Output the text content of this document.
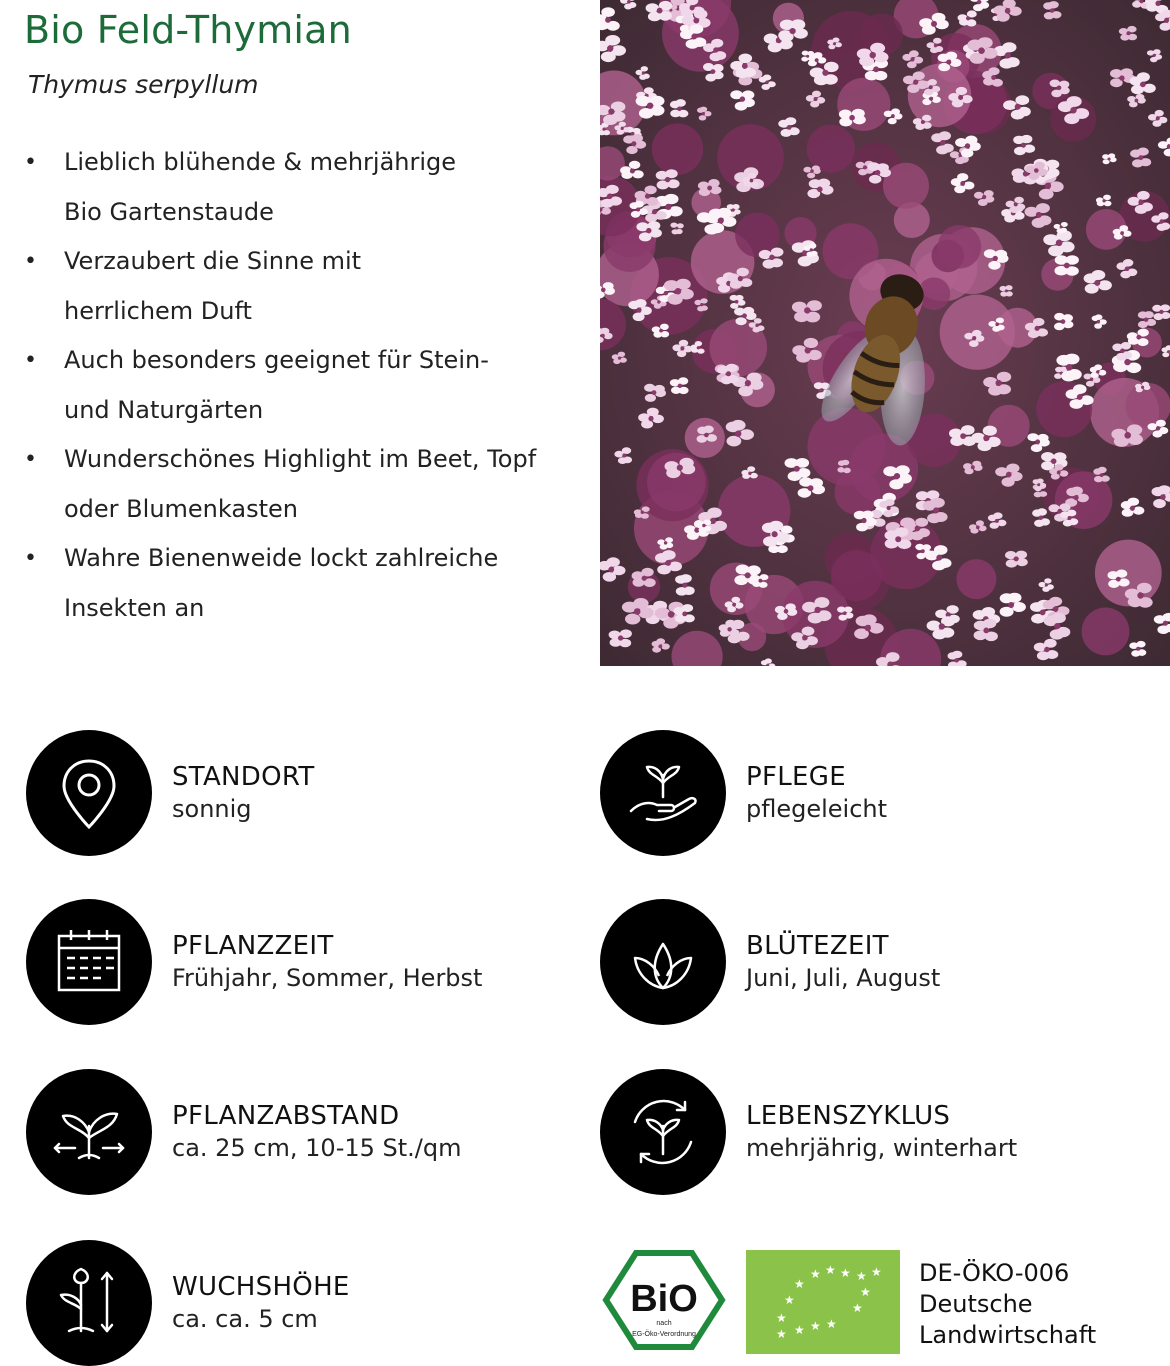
Bio Feld-Thymian
Thymus serpyllum
• Lieblich blühende & mehrjährige
Bio Gartenstaude
• Verzaubert die Sinne mit
herrlichem Duft
• Auch besonders geeignet für Stein-
und Naturgärten
• Wunderschönes Highlight im Beet, Topf
oder Blumenkasten
• Wahre Bienenweide lockt zahlreiche
Insekten an
STANDORT
sonnig
PFLEGE
pflegeleicht
PFLANZZEIT
Frühjahr, Sommer, Herbst
BLÜTEZEIT
Juni, Juli, August
PFLANZABSTAND
ca. 25 cm, 10-15 St./qm
LEBENSZYKLUS
mehrjährig, winterhart
WUCHSHÖHE
ca. ca. 5 cm	BiO
nach
EG-Öko-Verordnung
★ ★ ★ ★ ★
★
★
★
★
★
★ ★ ★ ★
DE-ÖKO-006
Deutsche
Landwirtschaft
